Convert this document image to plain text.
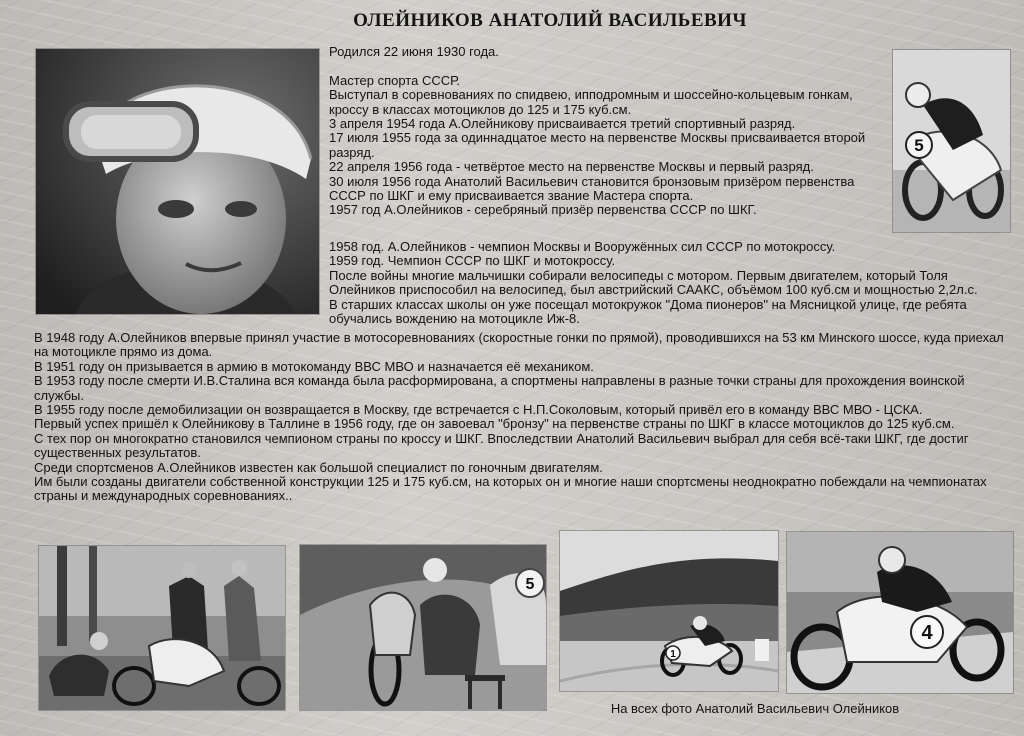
ОЛЕЙНИКОВ АНАТОЛИЙ ВАСИЛЬЕВИЧ
5
Родился 22 июня 1930 года.

Мастер спорта СССР.
Выступал в соревнованиях по спидвею, ипподромным и шоссейно-кольцевым гонкам, кроссу в классах мотоциклов до 125 и 175 куб.см.
3 апреля 1954 года А.Олейникову присваивается третий спортивный разряд.
17 июля 1955 года за одиннадцатое место на первенстве Москвы присваивается второй разряд.
22 апреля 1956 года - четвёртое место на первенстве Москвы и первый разряд.
30 июля 1956 года Анатолий Васильевич становится бронзовым призёром первенства СССР по ШКГ и ему присваивается звание Мастера спорта.
1957 год А.Олейников - серебряный призёр первенства СССР по ШКГ.
1958 год. А.Олейников - чемпион Москвы и Вооружённых сил СССР по мотокроссу.
1959 год. Чемпион СССР по ШКГ и мотокроссу.
После войны многие мальчишки собирали велосипеды с мотором. Первым двигателем, который Толя Олейников приспособил на велосипед, был австрийский СААКС, объёмом 100 куб.см и мощностью 2,2л.с. В старших классах школы он уже посещал мотокружок "Дома пионеров" на Мясницкой улице, где ребята обучались вождению на мотоцикле Иж-8.
В 1948 году А.Олейников впервые принял участие в мотосоревнованиях (скоростные гонки по прямой), проводившихся на 53 км Минского шоссе, куда приехал на мотоцикле прямо из дома.
В 1951 году он призывается в армию в мотокоманду ВВС МВО и назначается её механиком.
В 1953 году после смерти И.В.Сталина вся команда была расформирована, а спортмены направлены в разные точки страны для прохождения воинской службы.
В 1955 году после демобилизации он возвращается в Москву, где встречается с Н.П.Соколовым, который привёл его в команду ВВС МВО - ЦСКА.
Первый успех пришёл к Олейникову в Таллине в 1956 году, где он завоевал "бронзу" на первенстве страны по ШКГ в классе мотоциклов до 125 куб.см.
С тех пор он многократно становился чемпионом страны по кроссу и ШКГ. Впоследствии Анатолий Васильевич выбрал для себя всё-таки ШКГ, где достиг существенных результатов.
Среди спортсменов А.Олейников известен как большой специалист по гоночным двигателям.
Им были созданы двигатели собственной конструкции 125 и 175 куб.см, на которых он и многие наши спортсмены неоднократно побеждали на чемпионатах страны и международных соревнованиях..
5
1
4
На всех фото Анатолий Васильевич Олейников
